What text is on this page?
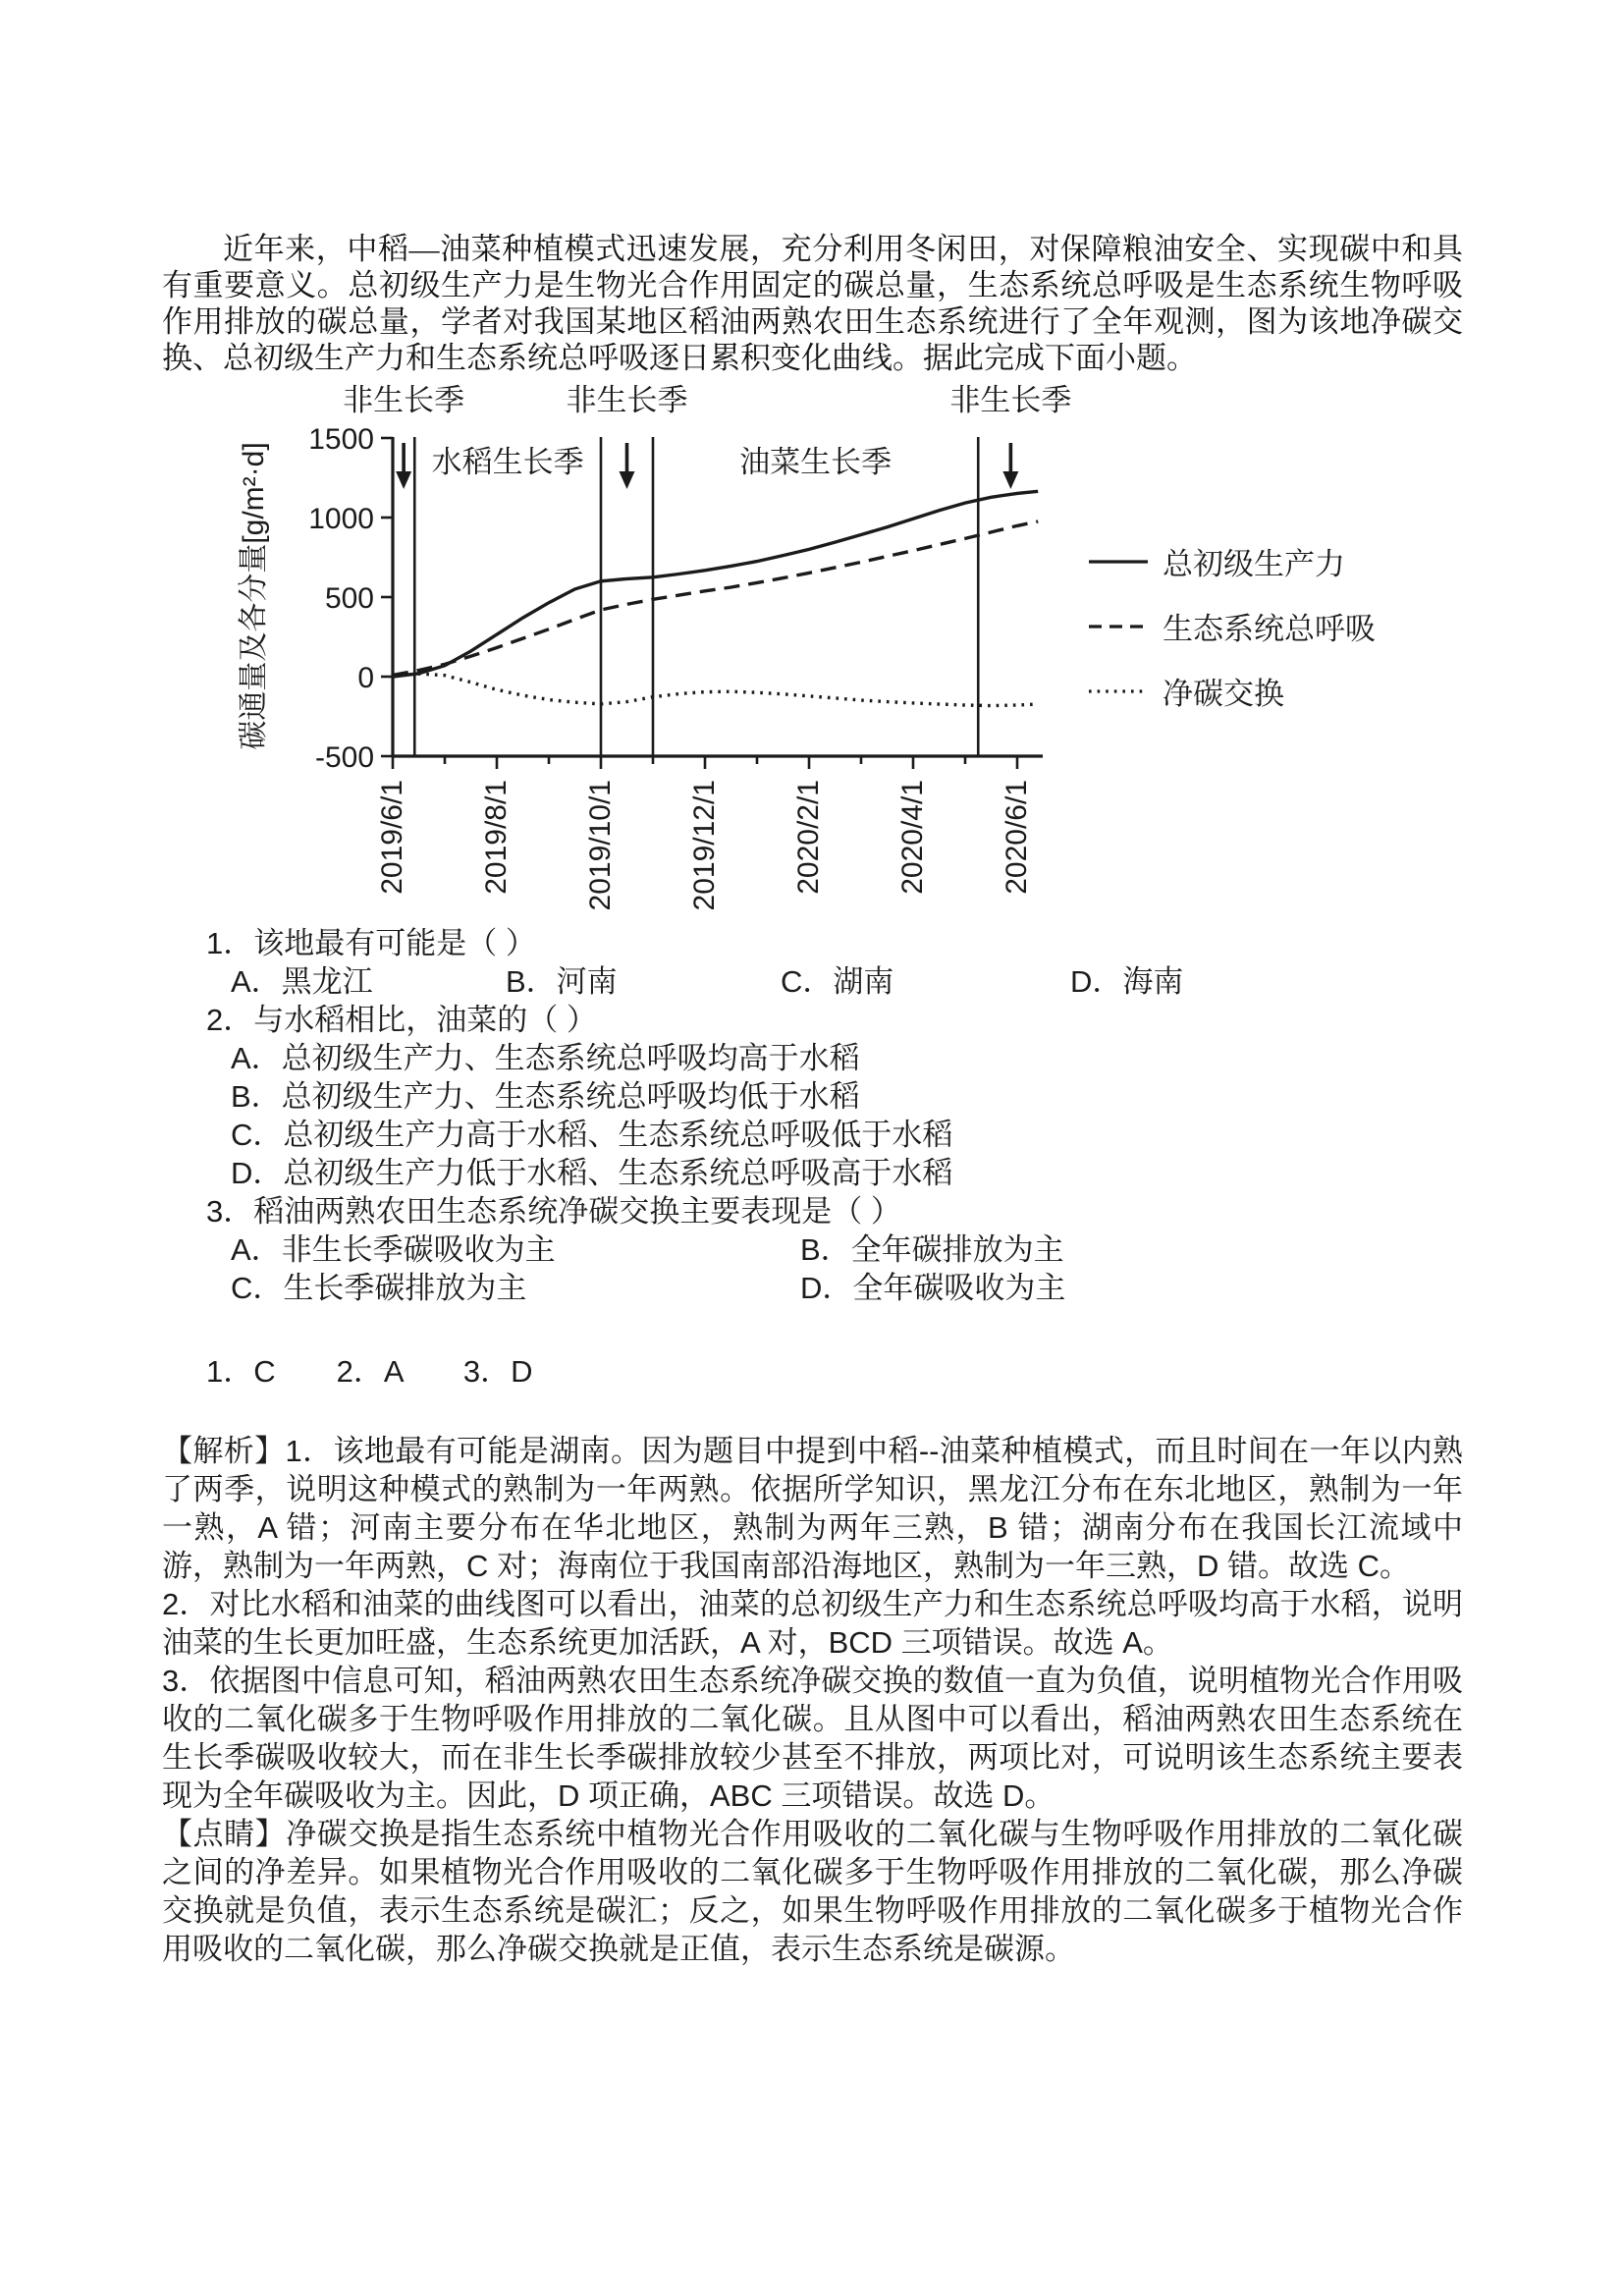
近年来，中稻—油菜种植模式迅速发展，充分利用冬闲田，对保障粮油安全、实现碳中和具有重要意义。总初级生产力是生物光合作用固定的碳总量，生态系统总呼吸是生态系统生物呼吸作用排放的碳总量，学者对我国某地区稻油两熟农田生态系统进行了全年观测，图为该地净碳交换、总初级生产力和生态系统总呼吸逐日累积变化曲线。据此完成下面小题。

碳通量及各分量[g/m²·d]
1500
1000
500
0
-500
2019/6/1 2019/8/1 2019/10/1 2019/12/1 2020/2/1 2020/4/1 2020/6/1
非生长季
水稻生长季
非生长季
油菜生长季
非生长季
总初级生产力
生态系统总呼吸
净碳交换
1．该地最有可能是（ ）
A．黑龙江	B．河南	C．湖南	D．海南
2．与水稻相比，油菜的（ ）
A．总初级生产力、生态系统总呼吸均高于水稻
B．总初级生产力、生态系统总呼吸均低于水稻
C．总初级生产力高于水稻、生态系统总呼吸低于水稻
D．总初级生产力低于水稻、生态系统总呼吸高于水稻
3．稻油两熟农田生态系统净碳交换主要表现是（ ）
A．非生长季碳吸收为主	B．全年碳排放为主
C．生长季碳排放为主	D．全年碳吸收为主
1．C　　2．A　　3．D

【解析】1．该地最有可能是湖南。因为题目中提到中稻--油菜种植模式，而且时间在一年以内熟了两季，说明这种模式的熟制为一年两熟。依据所学知识，黑龙江分布在东北地区，熟制为一年一熟，A 错；河南主要分布在华北地区，熟制为两年三熟，B 错；湖南分布在我国长江流域中游，熟制为一年两熟，C 对；海南位于我国南部沿海地区，熟制为一年三熟，D 错。故选 C。

2．对比水稻和油菜的曲线图可以看出，油菜的总初级生产力和生态系统总呼吸均高于水稻，说明油菜的生长更加旺盛，生态系统更加活跃，A 对，BCD 三项错误。故选 A。

3．依据图中信息可知，稻油两熟农田生态系统净碳交换的数值一直为负值，说明植物光合作用吸收的二氧化碳多于生物呼吸作用排放的二氧化碳。且从图中可以看出，稻油两熟农田生态系统在生长季碳吸收较大，而在非生长季碳排放较少甚至不排放，两项比对，可说明该生态系统主要表现为全年碳吸收为主。因此，D 项正确，ABC 三项错误。故选 D。

【点睛】净碳交换是指生态系统中植物光合作用吸收的二氧化碳与生物呼吸作用排放的二氧化碳之间的净差异。如果植物光合作用吸收的二氧化碳多于生物呼吸作用排放的二氧化碳，那么净碳交换就是负值，表示生态系统是碳汇；反之，如果生物呼吸作用排放的二氧化碳多于植物光合作用吸收的二氧化碳，那么净碳交换就是正值，表示生态系统是碳源。
